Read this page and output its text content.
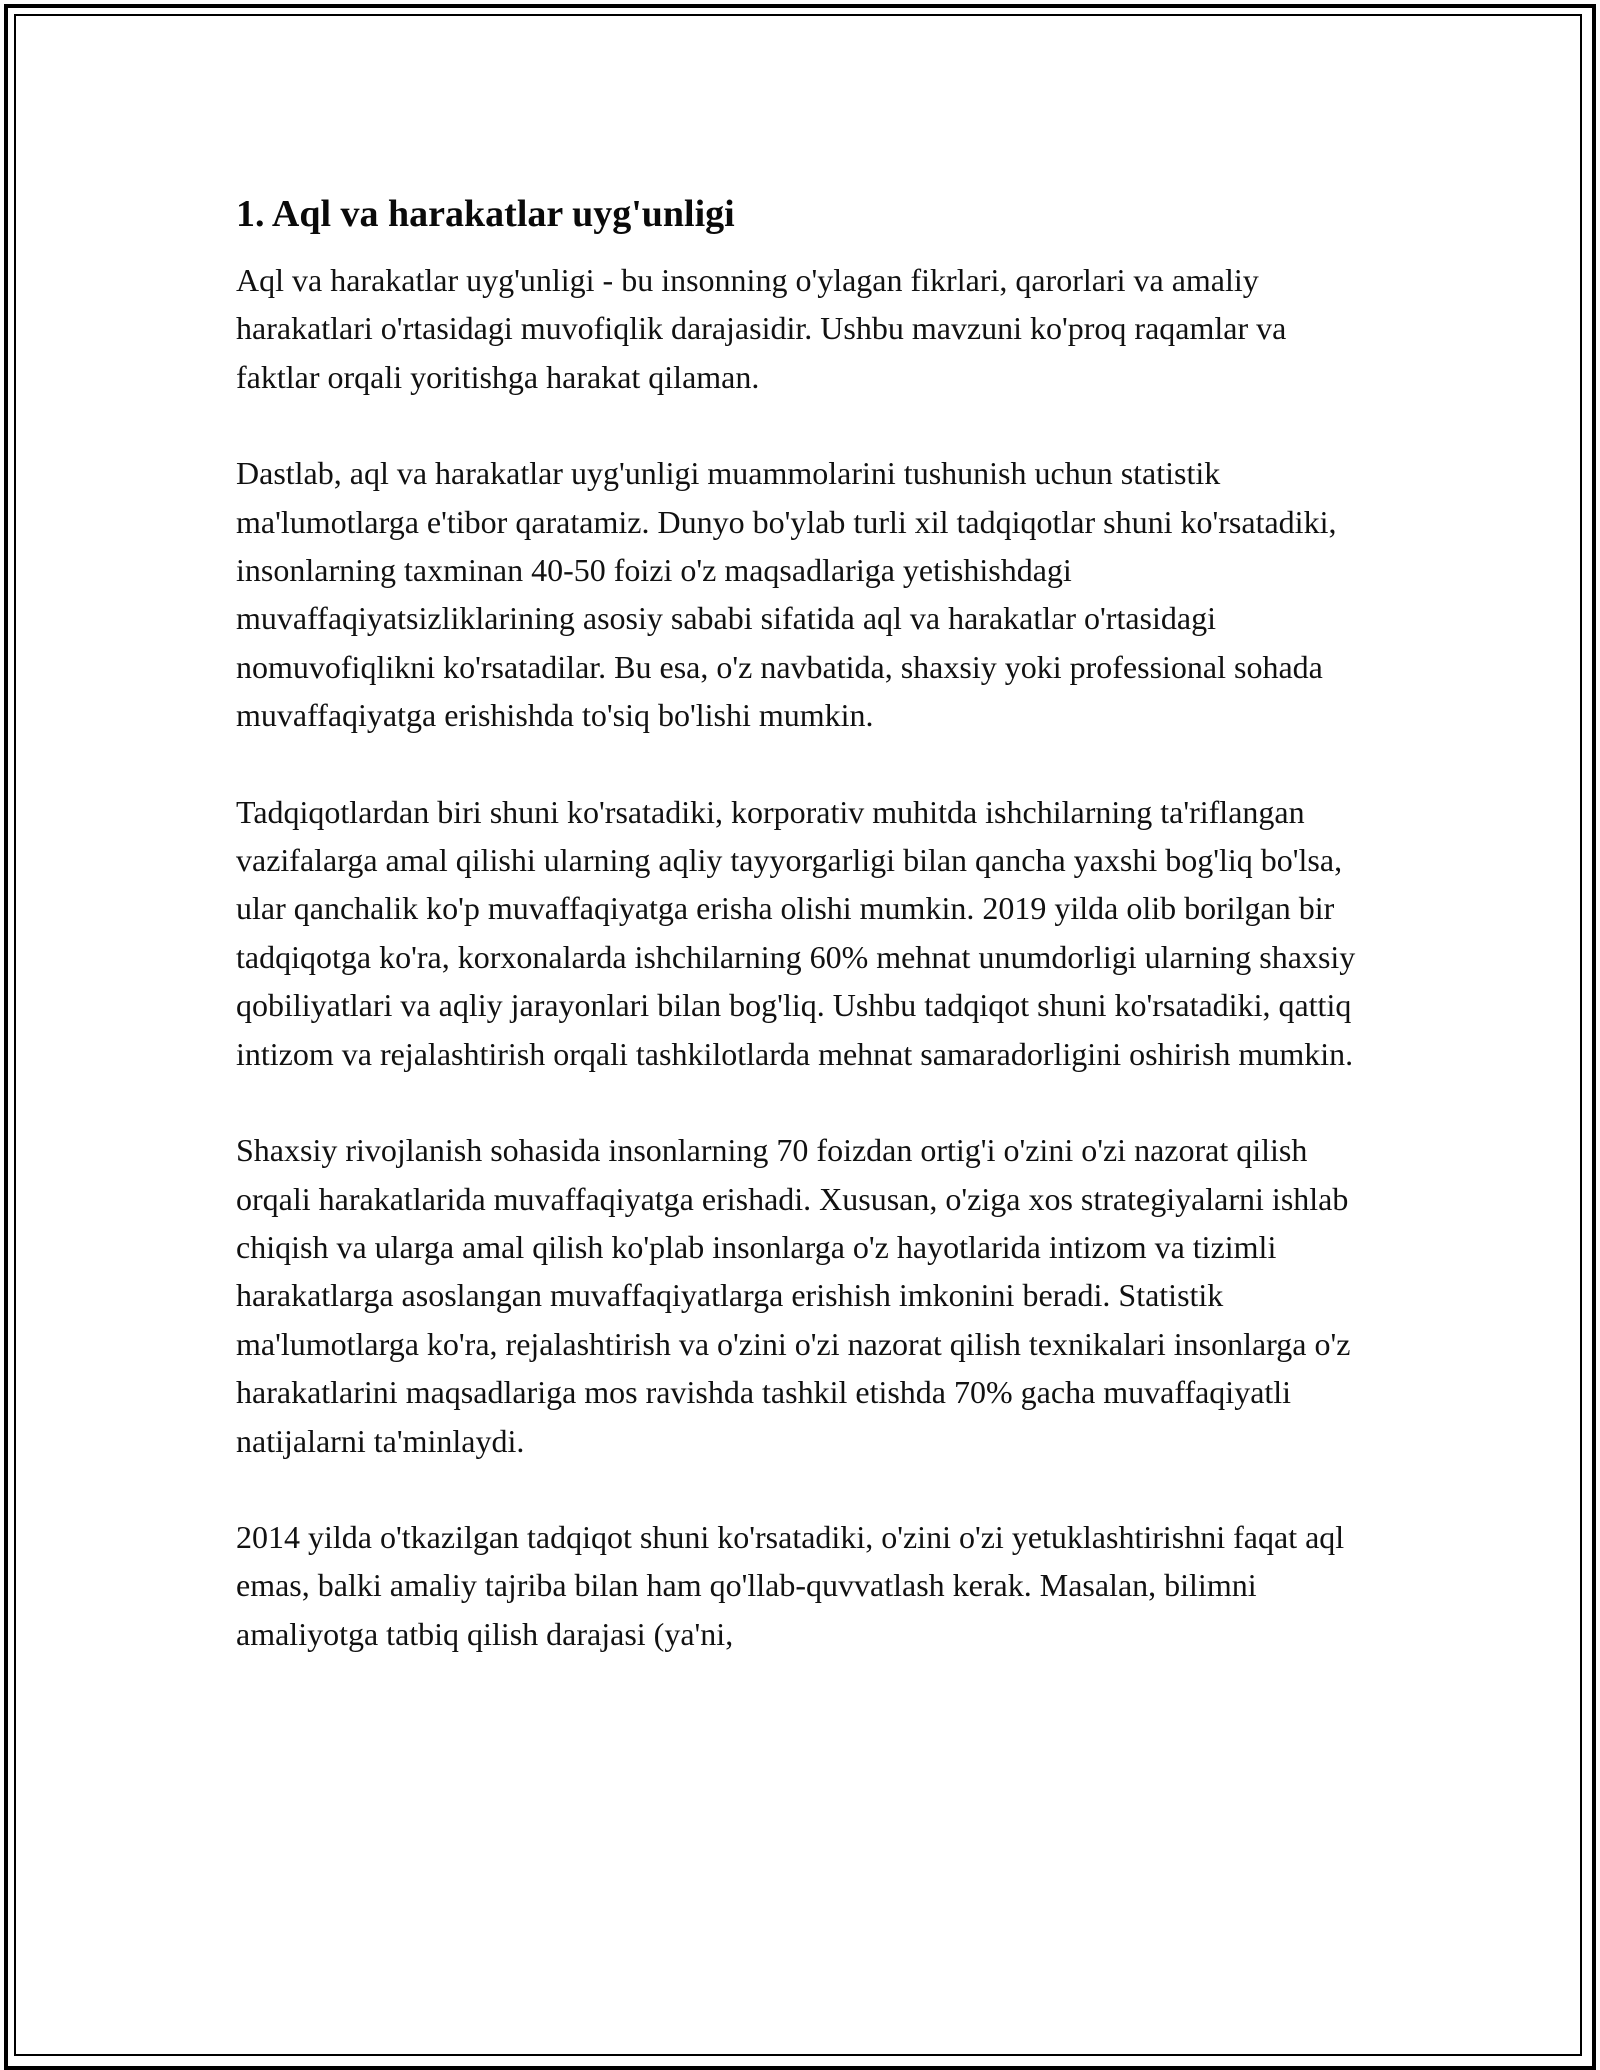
1. Aql va harakatlar uyg'unligi

Aql va harakatlar uyg'unligi - bu insonning o'ylagan fikrlari, qarorlari va amaliy harakatlari o'rtasidagi muvofiqlik darajasidir. Ushbu mavzuni ko'proq raqamlar va faktlar orqali yoritishga harakat qilaman.

Dastlab, aql va harakatlar uyg'unligi muammolarini tushunish uchun statistik ma'lumotlarga e'tibor qaratamiz. Dunyo bo'ylab turli xil tadqiqotlar shuni ko'rsatadiki, insonlarning taxminan 40-50 foizi o'z maqsadlariga yetishishdagi muvaffaqiyatsizliklarining asosiy sababi sifatida aql va harakatlar o'rtasidagi nomuvofiqlikni ko'rsatadilar. Bu esa, o'z navbatida, shaxsiy yoki professional sohada muvaffaqiyatga erishishda to'siq bo'lishi mumkin.

Tadqiqotlardan biri shuni ko'rsatadiki, korporativ muhitda ishchilarning ta'riflangan vazifalarga amal qilishi ularning aqliy tayyorgarligi bilan qancha yaxshi bog'liq bo'lsa, ular qanchalik ko'p muvaffaqiyatga erisha olishi mumkin. 2019 yilda olib borilgan bir tadqiqotga ko'ra, korxonalarda ishchilarning 60% mehnat unumdorligi ularning shaxsiy qobiliyatlari va aqliy jarayonlari bilan bog'liq. Ushbu tadqiqot shuni ko'rsatadiki, qattiq intizom va rejalashtirish orqali tashkilotlarda mehnat samaradorligini oshirish mumkin.

Shaxsiy rivojlanish sohasida insonlarning 70 foizdan ortig'i o'zini o'zi nazorat qilish orqali harakatlarida muvaffaqiyatga erishadi. Xususan, o'ziga xos strategiyalarni ishlab chiqish va ularga amal qilish ko'plab insonlarga o'z hayotlarida intizom va tizimli harakatlarga asoslangan muvaffaqiyatlarga erishish imkonini beradi. Statistik ma'lumotlarga ko'ra, rejalashtirish va o'zini o'zi nazorat qilish texnikalari insonlarga o'z harakatlarini maqsadlariga mos ravishda tashkil etishda 70% gacha muvaffaqiyatli natijalarni ta'minlaydi.

2014 yilda o'tkazilgan tadqiqot shuni ko'rsatadiki, o'zini o'zi yetuklashtirishni faqat aql emas, balki amaliy tajriba bilan ham qo'llab-quvvatlash kerak. Masalan, bilimni amaliyotga tatbiq qilish darajasi (ya'ni,
